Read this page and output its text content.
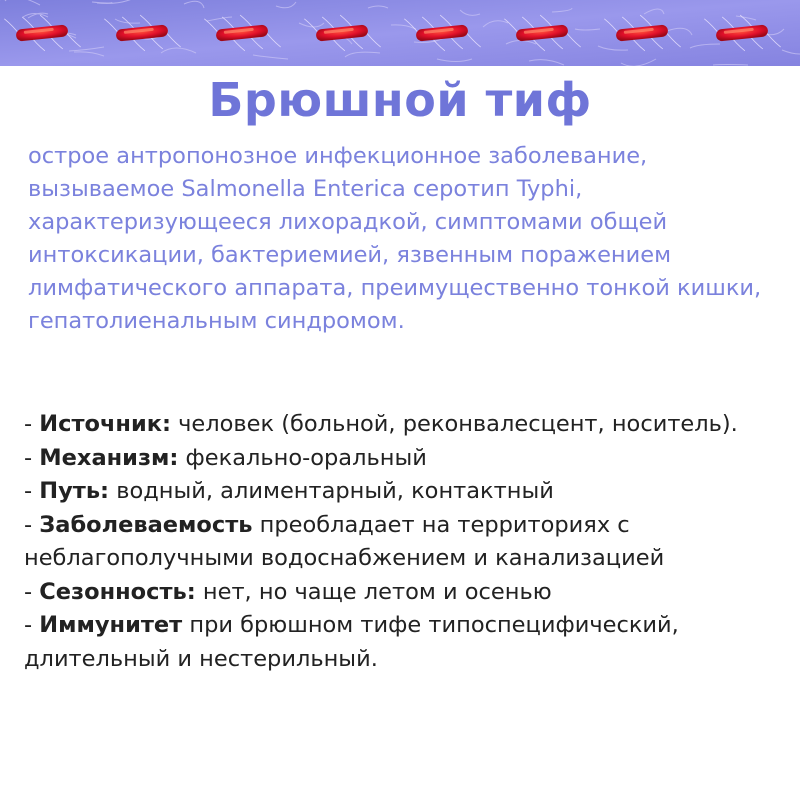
Брюшной тиф

острое антропонозное инфекционное заболевание, вызываемое Salmonella Enterica серотип Typhi, характеризующееся лихорадкой, симптомами общей интоксикации, бактериемией, язвенным поражением лимфатического аппарата, преимущественно тонкой кишки, гепатолиенальным синдромом.

- Источник: человек (больной, реконвалесцент, носитель).
- Механизм: фекально-оральный
- Путь: водный, алиментарный, контактный
- Заболеваемость преобладает на территориях с неблагополучными водоснабжением и канализацией
- Сезонность: нет, но чаще летом и осенью
- Иммунитет при брюшном тифе типоспецифический, длительный и нестерильный.
